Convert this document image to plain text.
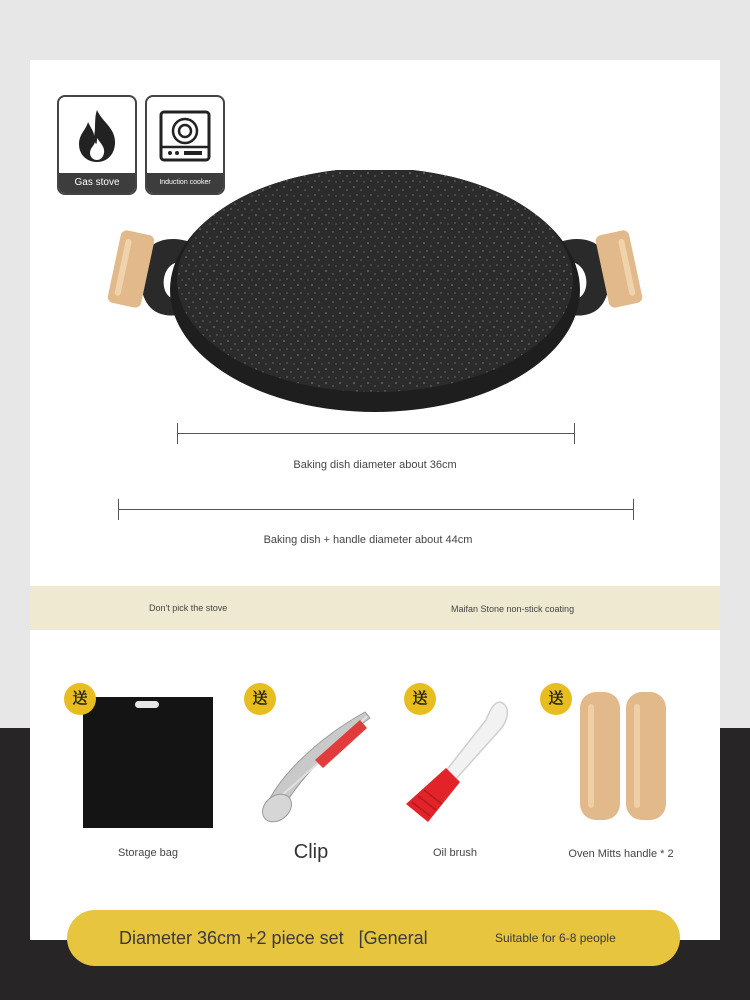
Gas stove	Induction cooker
Baking dish diameter about 36cm
Baking dish + handle diameter about 44cm
Don't pick the stove	Maifan Stone non-stick coating
送
Storage bag
送
Clip
送
Oil brush
送
Oven Mitts handle * 2
Diameter 36cm +2 piece set   [General	Suitable for 6-8 people
